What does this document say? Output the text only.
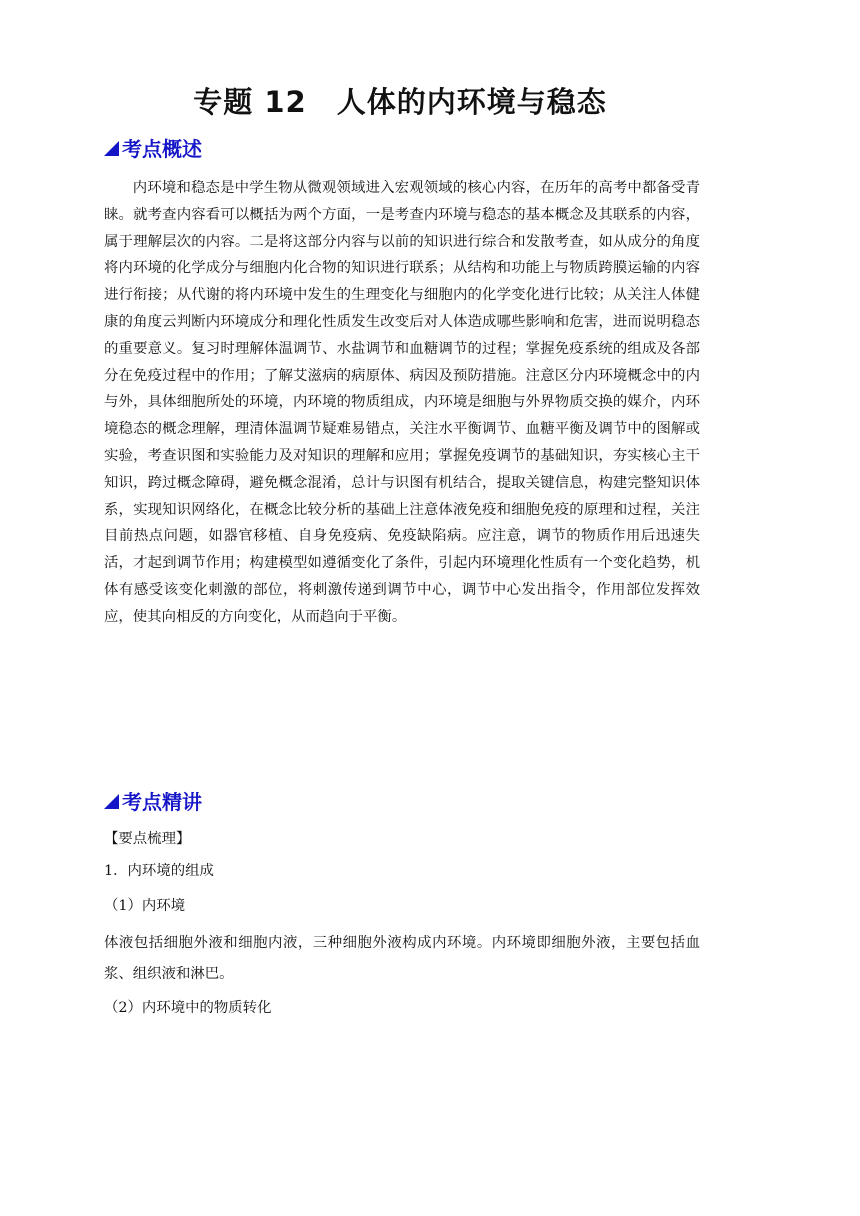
专题 12　人体的内环境与稳态
考点概述

内环境和稳态是中学生物从微观领域进入宏观领域的核心内容，在历年的高考中都备受青睐。就考查内容看可以概括为两个方面，一是考查内环境与稳态的基本概念及其联系的内容，属于理解层次的内容。二是将这部分内容与以前的知识进行综合和发散考查，如从成分的角度将内环境的化学成分与细胞内化合物的知识进行联系；从结构和功能上与物质跨膜运输的内容进行衔接；从代谢的将内环境中发生的生理变化与细胞内的化学变化进行比较；从关注人体健康的角度云判断内环境成分和理化性质发生改变后对人体造成哪些影响和危害，进而说明稳态的重要意义。复习时理解体温调节、水盐调节和血糖调节的过程；掌握免疫系统的组成及各部分在免疫过程中的作用；了解艾滋病的病原体、病因及预防措施。注意区分内环境概念中的内与外，具体细胞所处的环境，内环境的物质组成，内环境是细胞与外界物质交换的媒介，内环境稳态的概念理解，理清体温调节疑难易错点，关注水平衡调节、血糖平衡及调节中的图解或实验，考查识图和实验能力及对知识的理解和应用；掌握免疫调节的基础知识，夯实核心主干知识，跨过概念障碍，避免概念混淆，总计与识图有机结合，提取关键信息，构建完整知识体系，实现知识网络化，在概念比较分析的基础上注意体液免疫和细胞免疫的原理和过程，关注目前热点问题，如器官移植、自身免疫病、免疫缺陷病。应注意，调节的物质作用后迅速失活，才起到调节作用；构建模型如遵循变化了条件，引起内环境理化性质有一个变化趋势，机体有感受该变化刺激的部位，将刺激传递到调节中心，调节中心发出指令，作用部位发挥效应，使其向相反的方向变化，从而趋向于平衡。

考点精讲

【要点梳理】

1．内环境的组成

（1）内环境

体液包括细胞外液和细胞内液，三种细胞外液构成内环境。内环境即细胞外液，主要包括血浆、组织液和淋巴。

（2）内环境中的物质转化
